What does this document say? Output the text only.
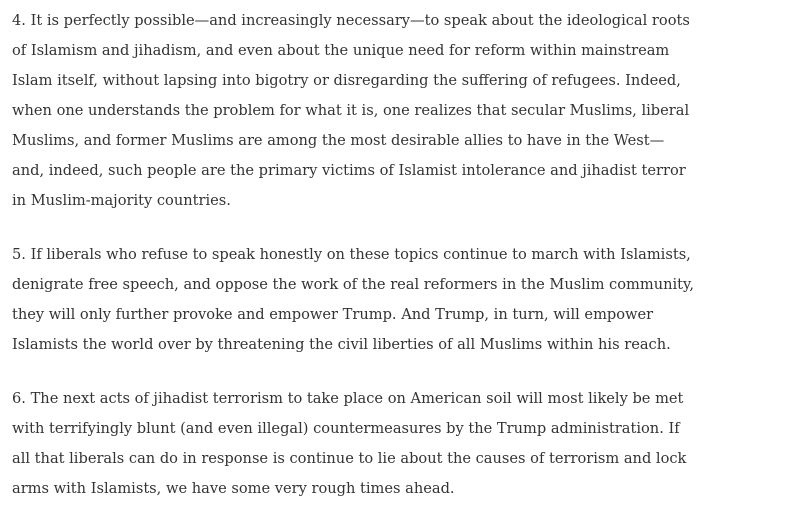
4. It is perfectly possible—and increasingly necessary—to speak about the ideological roots
of Islamism and jihadism, and even about the unique need for reform within mainstream
Islam itself, without lapsing into bigotry or disregarding the suffering of refugees. Indeed,
when one understands the problem for what it is, one realizes that secular Muslims, liberal
Muslims, and former Muslims are among the most desirable allies to have in the West—
and, indeed, such people are the primary victims of Islamist intolerance and jihadist terror
in Muslim-majority countries.

5. If liberals who refuse to speak honestly on these topics continue to march with Islamists,
denigrate free speech, and oppose the work of the real reformers in the Muslim community,
they will only further provoke and empower Trump. And Trump, in turn, will empower
Islamists the world over by threatening the civil liberties of all Muslims within his reach.

6. The next acts of jihadist terrorism to take place on American soil will most likely be met
with terrifyingly blunt (and even illegal) countermeasures by the Trump administration. If
all that liberals can do in response is continue to lie about the causes of terrorism and lock
arms with Islamists, we have some very rough times ahead.
